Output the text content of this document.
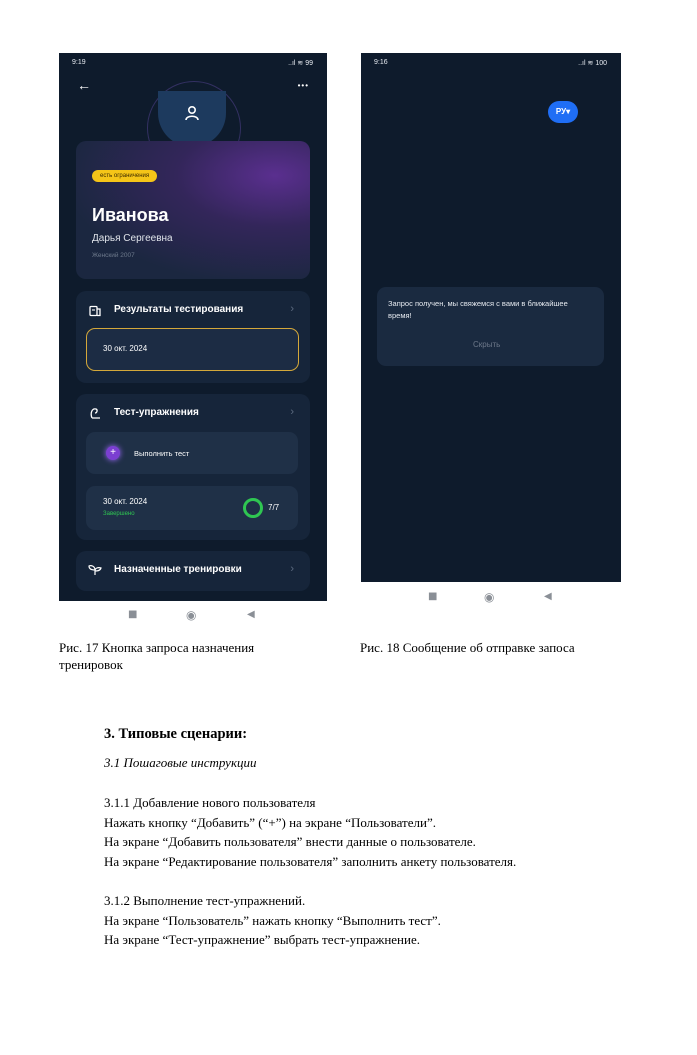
9:19	..ıl ≋ 99
←	•••
есть ограничения
Иванова
Дарья Сергеевна
Женский 2007
Результаты тестирования	›
30 окт. 2024
Тест-упражнения	›
+	Выполнить тест
30 окт. 2024
Завершено
7/7
Назначенные тренировки	›
■	◉	◀
9:16	..ıl ≋ 100
РУ▾
Запрос получен, мы свяжемся с вами в ближайшее время!
Скрыть
■	◉	◀
Рис. 17 Кнопка запроса назначения
тренировок
Рис. 18 Сообщение об отправке запоса
3. Типовые сценарии:
3.1 Пошаговые инструкции
3.1.1 Добавление нового пользователя
Нажать кнопку “Добавить” (“+”) на экране “Пользователи”.
На экране “Добавить пользователя” внести данные о пользователе.
На экране “Редактирование пользователя” заполнить анкету пользователя.
3.1.2 Выполнение тест-упражнений.
На экране “Пользователь” нажать кнопку “Выполнить тест”.
На экране “Тест-упражнение” выбрать тест-упражнение.
